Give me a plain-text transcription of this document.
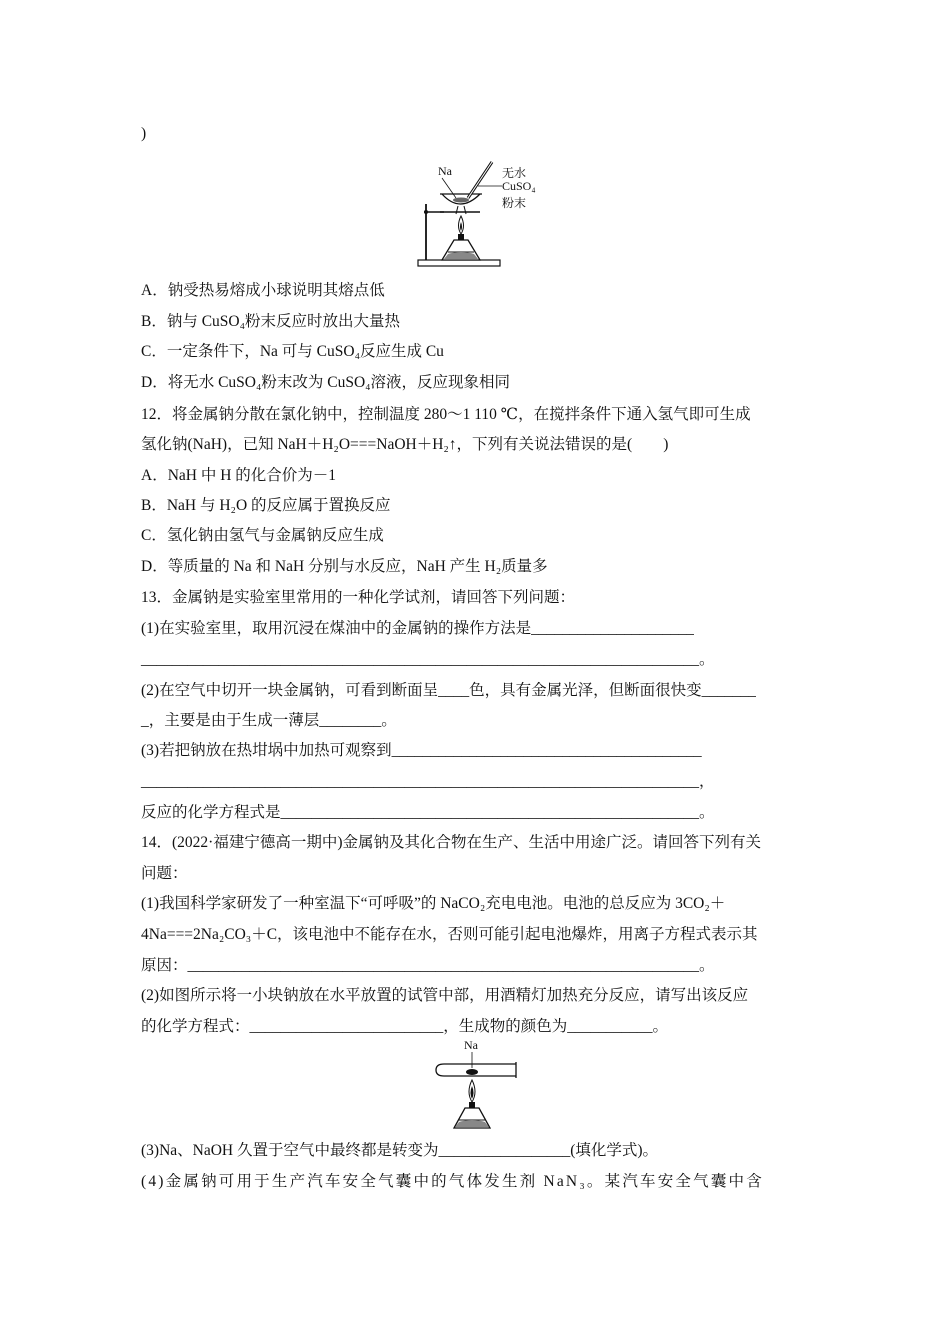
)
Na	无水
CuSO₄
粉末
A．钠受热易熔成小球说明其熔点低
B．钠与 CuSO₄粉末反应时放出大量热
C．一定条件下，Na 可与 CuSO₄反应生成 Cu
D．将无水 CuSO₄粉末改为 CuSO₄溶液，反应现象相同
12．将金属钠分散在氯化钠中，控制温度 280～1 110 ℃，在搅拌条件下通入氢气即可生成
氢化钠(NaH)，已知 NaH＋H₂O===NaOH＋H₂↑，下列有关说法错误的是(　　)
A．NaH 中 H 的化合价为－1
B．NaH 与 H₂O 的反应属于置换反应
C．氢化钠由氢气与金属钠反应生成
D．等质量的 Na 和 NaH 分别与水反应，NaH 产生 H₂质量多
13．金属钠是实验室里常用的一种化学试剂，请回答下列问题：
(1)在实验室里，取用沉浸在煤油中的金属钠的操作方法是_____________________
________________________________________________________________________。
(2)在空气中切开一块金属钠，可看到断面呈____色，具有金属光泽，但断面很快变_______
_，主要是由于生成一薄层________。
(3)若把钠放在热坩埚中加热可观察到________________________________________
________________________________________________________________________，
反应的化学方程式是______________________________________________________。
14．(2022·福建宁德高一期中)金属钠及其化合物在生产、生活中用途广泛。请回答下列有关
问题：
(1)我国科学家研发了一种室温下“可呼吸”的 NaCO₂充电电池。电池的总反应为 3CO₂＋
4Na===2Na₂CO₃＋C，该电池中不能存在水，否则可能引起电池爆炸，用离子方程式表示其
原因：__________________________________________________________________。
(2)如图所示将一小块钠放在水平放置的试管中部，用酒精灯加热充分反应，请写出该反应
的化学方程式：_________________________，生成物的颜色为___________。
Na
(3)Na、NaOH 久置于空气中最终都是转变为_________________(填化学式)。
(4)金属钠可用于生产汽车安全气囊中的气体发生剂 NaN₃。某汽车安全气囊中含
